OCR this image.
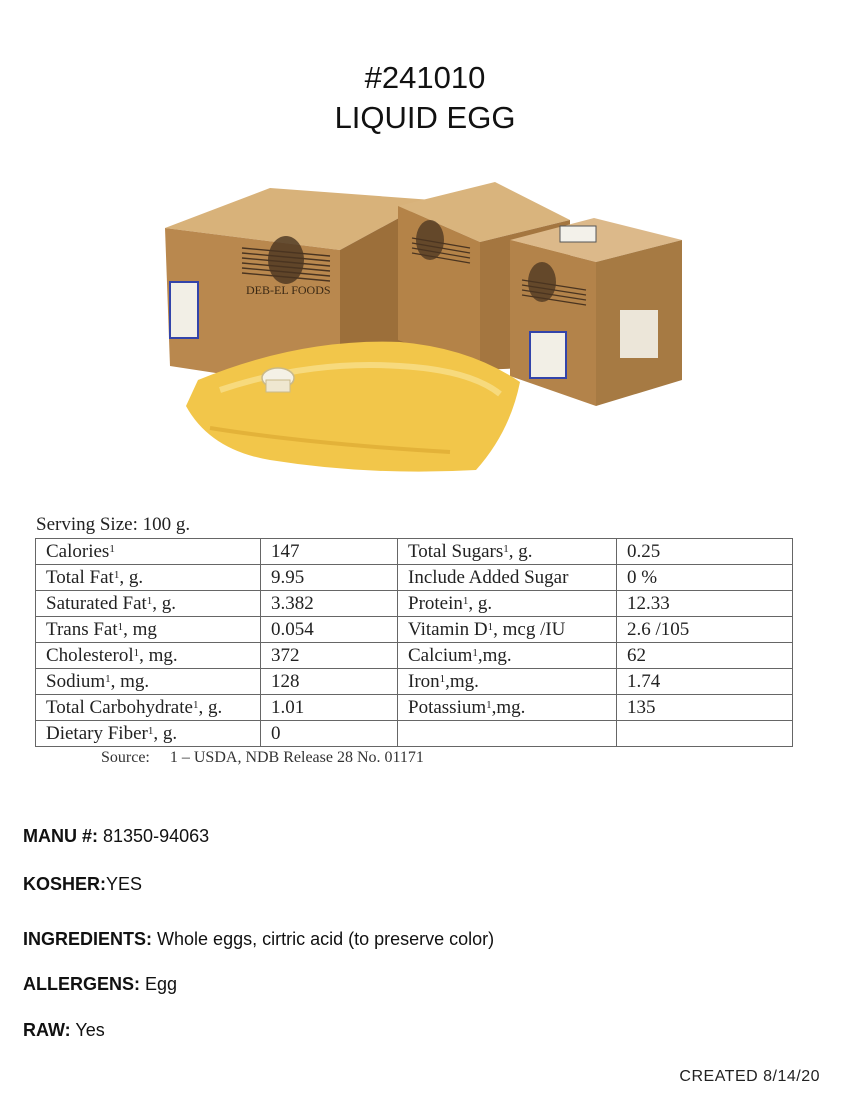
#241010
LIQUID EGG
DEB-EL FOODS
Serving Size: 100 g.
Calories$^1$	147	Total Sugars$^1$, g.	0.25
Total Fat$^1$, g.	9.95	Include Added Sugar	0 %
Saturated Fat$^1$, g.	3.382	Protein$^1$, g.	12.33
Trans Fat$^1$, mg	0.054	Vitamin $D^1$, mcg /IU	2.6 /105
Cholesterol$^1$, mg.	372	Calcium$^1$,mg.	62
Sodium$^1$, mg.	128	Iron$^1$,mg.	1.74
Total Carbohydrate$^1$, g.	1.01	Potassium$^1$,mg.	135
Dietary Fiber$^1$, g.	0		
Source: 1 – USDA, NDB Release 28 No. 01171
MANU #: 81350-94063
KOSHER:YES
INGREDIENTS: Whole eggs, cirtric acid (to preserve color)
ALLERGENS: Egg
RAW: Yes
CREATED 8/14/20
